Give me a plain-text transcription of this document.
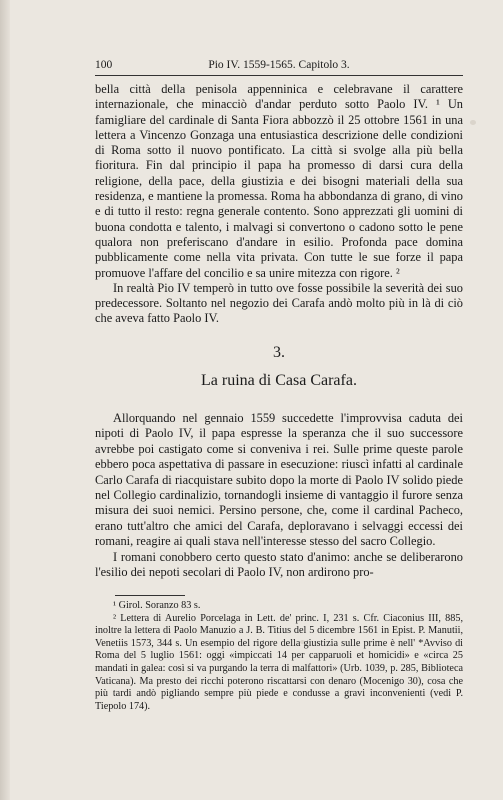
100	Pio IV. 1559-1565. Capitolo 3.

bella città della penisola appenninica e celebravane il carattere internazionale, che minacciò d'andar perduto sotto Paolo IV. ¹ Un famigliare del cardinale di Santa Fiora abbozzò il 25 ottobre 1561 in una lettera a Vincenzo Gonzaga una entusiastica descrizione delle condizioni di Roma sotto il nuovo pontificato. La città si svolge alla più bella fioritura. Fin dal principio il papa ha promesso di darsi cura della religione, della pace, della giustizia e dei bisogni materiali della sua residenza, e mantiene la promessa. Roma ha abbondanza di grano, di vino e di tutto il resto: regna generale contento. Sono apprezzati gli uomini di buona condotta e talento, i malvagi si convertono o cadono sotto le pene qualora non preferiscano d'andare in esilio. Profonda pace domina pubblicamente come nella vita privata. Con tutte le sue forze il papa promuove l'affare del concilio e sa unire mitezza con rigore. ²

In realtà Pio IV temperò in tutto ove fosse possibile la severità dei suo predecessore. Soltanto nel negozio dei Carafa andò molto più in là di ciò che aveva fatto Paolo IV.

3.
La ruina di Casa Carafa.

Allorquando nel gennaio 1559 succedette l'improvvisa caduta dei nipoti di Paolo IV, il papa espresse la speranza che il suo successore avrebbe poi castigato come si conveniva i rei. Sulle prime queste parole ebbero poca aspettativa di passare in esecuzione: riuscì infatti al cardinale Carlo Carafa di riacquistare subito dopo la morte di Paolo IV solido piede nel Collegio cardinalizio, tornandogli insieme di vantaggio il furore senza misura dei suoi nemici. Persino persone, che, come il cardinal Pacheco, erano tutt'altro che amici del Carafa, deploravano i selvaggi eccessi dei romani, reagire ai quali stava nell'interesse stesso del sacro Collegio.

I romani conobbero certo questo stato d'animo: anche se deliberarono l'esilio dei nepoti secolari di Paolo IV, non ardirono pro-

¹ Girol. Soranzo 83 s.

² Lettera di Aurelio Porcelaga in Lett. de' princ. I, 231 s. Cfr. Ciaconius III, 885, inoltre la lettera di Paolo Manuzio a J. B. Titius del 5 dicembre 1561 in Epist. P. Manutii, Venetiis 1573, 344 s. Un esempio del rigore della giustizia sulle prime è nell' *Avviso di Roma del 5 luglio 1561: oggi «impiccati 14 per capparuoli et homicidi» e «circa 25 mandati in galea: così si va purgando la terra di malfattori» (Urb. 1039, p. 285, Biblioteca Vaticana). Ma presto dei ricchi poterono riscattarsi con denaro (Mocenigo 30), cosa che più tardi andò pigliando sempre più piede e condusse a gravi inconvenienti (vedi P. Tiepolo 174).
